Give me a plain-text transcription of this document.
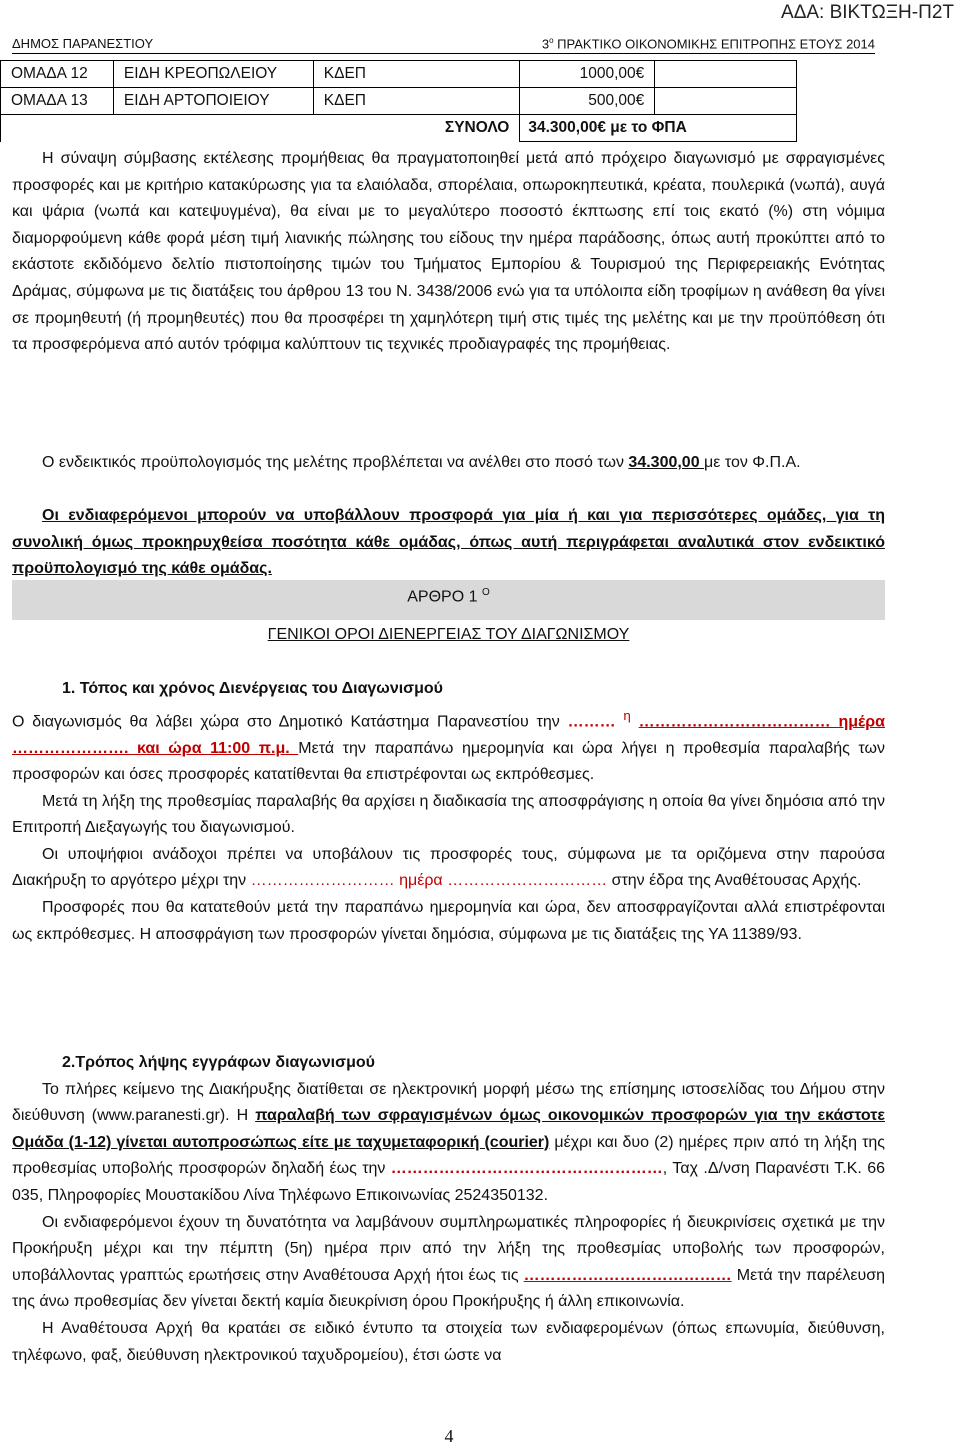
ΑΔΑ: ΒΙΚΤΩΞΗ-Π2Τ
ΔΗΜΟΣ ΠΑΡΑΝΕΣΤΙΟΥ	$3^o$ ΠΡΑΚΤΙΚΟ ΟΙΚΟΝΟΜΙΚΗΣ ΕΠΙΤΡΟΠΗΣ ΕΤΟΥΣ 2014
ΟΜΑΔΑ 12	ΕΙΔΗ ΚΡΕΟΠΩΛΕΙΟΥ	ΚΔΕΠ	1000,00€	
ΟΜΑΔΑ 13	ΕΙΔΗ ΑΡΤΟΠΟΙΕΙΟΥ	ΚΔΕΠ	500,00€	
		ΣΥΝΟΛΟ	34.300,00€ με το ΦΠΑ	

Η σύναψη σύμβασης εκτέλεσης προμήθειας θα πραγματοποιηθεί μετά από πρόχειρο διαγωνισμό με σφραγισμένες προσφορές και με κριτήριο κατακύρωσης για τα ελαιόλαδα, σπορέλαια, οπωροκηπευτικά, κρέατα, πουλερικά (νωπά), αυγά και ψάρια (νωπά και κατεψυγμένα), θα είναι με το μεγαλύτερο ποσοστό έκπτωσης επί τοις εκατό (%) στη νόμιμα διαμορφούμενη κάθε φορά μέση τιμή λιανικής πώλησης του είδους την ημέρα παράδοσης, όπως αυτή προκύπτει από το εκάστοτε εκδιδόμενο δελτίο πιστοποίησης τιμών του Τμήματος Εμπορίου & Τουρισμού της Περιφερειακής Ενότητας Δράμας, σύμφωνα με τις διατάξεις του άρθρου 13 του Ν. 3438/2006 ενώ για τα υπόλοιπα είδη τροφίμων η ανάθεση θα γίνει σε προμηθευτή (ή προμηθευτές) που θα προσφέρει τη χαμηλότερη τιμή στις τιμές της μελέτης και με την προϋπόθεση ότι τα προσφερόμενα από αυτόν τρόφιμα καλύπτουν τις τεχνικές προδιαγραφές της προμήθειας.

Ο ενδεικτικός προϋπολογισμός της μελέτης προβλέπεται να ανέλθει στο ποσό των 34.300,00 με τον Φ.Π.Α.

Οι ενδιαφερόμενοι μπορούν να υποβάλλουν προσφορά για μία ή και για περισσότερες ομάδες, για τη συνολική όμως προκηρυχθείσα ποσότητα κάθε ομάδας, όπως αυτή περιγράφεται αναλυτικά στον ενδεικτικό προϋπολογισμό της κάθε ομάδας.

ΑΡΘΡΟ 1 $^O$

ΓΕΝΙΚΟΙ ΟΡΟΙ ΔΙΕΝΕΡΓΕΙΑΣ ΤΟΥ ΔΙΑΓΩΝΙΣΜΟΥ

1. Τόπος και χρόνος Διενέργειας του Διαγωνισμού

Ο διαγωνισμός θα λάβει χώρα στο Δημοτικό Κατάστημα Παρανεστίου την ……… $^\eta$ ……………………………… ημέρα …………………. και ώρα 11:00 π.μ. Μετά την παραπάνω ημερομηνία και ώρα λήγει η προθεσμία παραλαβής των προσφορών και όσες προσφορές κατατίθενται θα επιστρέφονται ως εκπρόθεσμες.

Μετά τη λήξη της προθεσμίας παραλαβής θα αρχίσει η διαδικασία της αποσφράγισης η οποία θα γίνει δημόσια από την Επιτροπή Διεξαγωγής του διαγωνισμού.

Οι υποψήφιοι ανάδοχοι πρέπει να υποβάλουν τις προσφορές τους, σύμφωνα με τα οριζόμενα στην παρούσα Διακήρυξη το αργότερο μέχρι την ……………………… ημέρα ………………………… στην έδρα της Αναθέτουσας Αρχής.

Προσφορές που θα κατατεθούν μετά την παραπάνω ημερομηνία και ώρα, δεν αποσφραγίζονται αλλά επιστρέφονται ως εκπρόθεσμες. Η αποσφράγιση των προσφορών γίνεται δημόσια, σύμφωνα με τις διατάξεις της ΥΑ 11389/93.

2.Τρόπος λήψης εγγράφων διαγωνισμού

Το πλήρες κείμενο της Διακήρυξης διατίθεται σε ηλεκτρονική μορφή μέσω της επίσημης ιστοσελίδας του Δήμου στην διεύθυνση (www.paranesti.gr). Η παραλαβή των σφραγισμένων όμως οικονομικών προσφορών για την εκάστοτε Ομάδα (1-12) γίνεται αυτοπροσώπως είτε με ταχυμεταφορική (courier) μέχρι και δυο (2) ημέρες πριν από τη λήξη της προθεσμίας υποβολής προσφορών δηλαδή έως την ……………………………………………, Ταχ .Δ/νση Παρανέστι Τ.Κ. 66 035, Πληροφορίες Μουστακίδου Λίνα Τηλέφωνο Επικοινωνίας 2524350132.

Οι ενδιαφερόμενοι έχουν τη δυνατότητα να λαμβάνουν συμπληρωματικές πληροφορίες ή διευκρινίσεις σχετικά με την Προκήρυξη μέχρι και την πέμπτη (5η) ημέρα πριν από την λήξη της προθεσμίας υποβολής των προσφορών, υποβάλλοντας γραπτώς ερωτήσεις στην Αναθέτουσα Αρχή ήτοι έως τις ………………………………… Μετά την παρέλευση της άνω προθεσμίας δεν γίνεται δεκτή καμία διευκρίνιση όρου Προκήρυξης ή άλλη επικοινωνία.

Η Αναθέτουσα Αρχή θα κρατάει σε ειδικό έντυπο τα στοιχεία των ενδιαφερομένων (όπως επωνυμία, διεύθυνση, τηλέφωνο, φαξ, διεύθυνση ηλεκτρονικού ταχυδρομείου), έτσι ώστε να

4
